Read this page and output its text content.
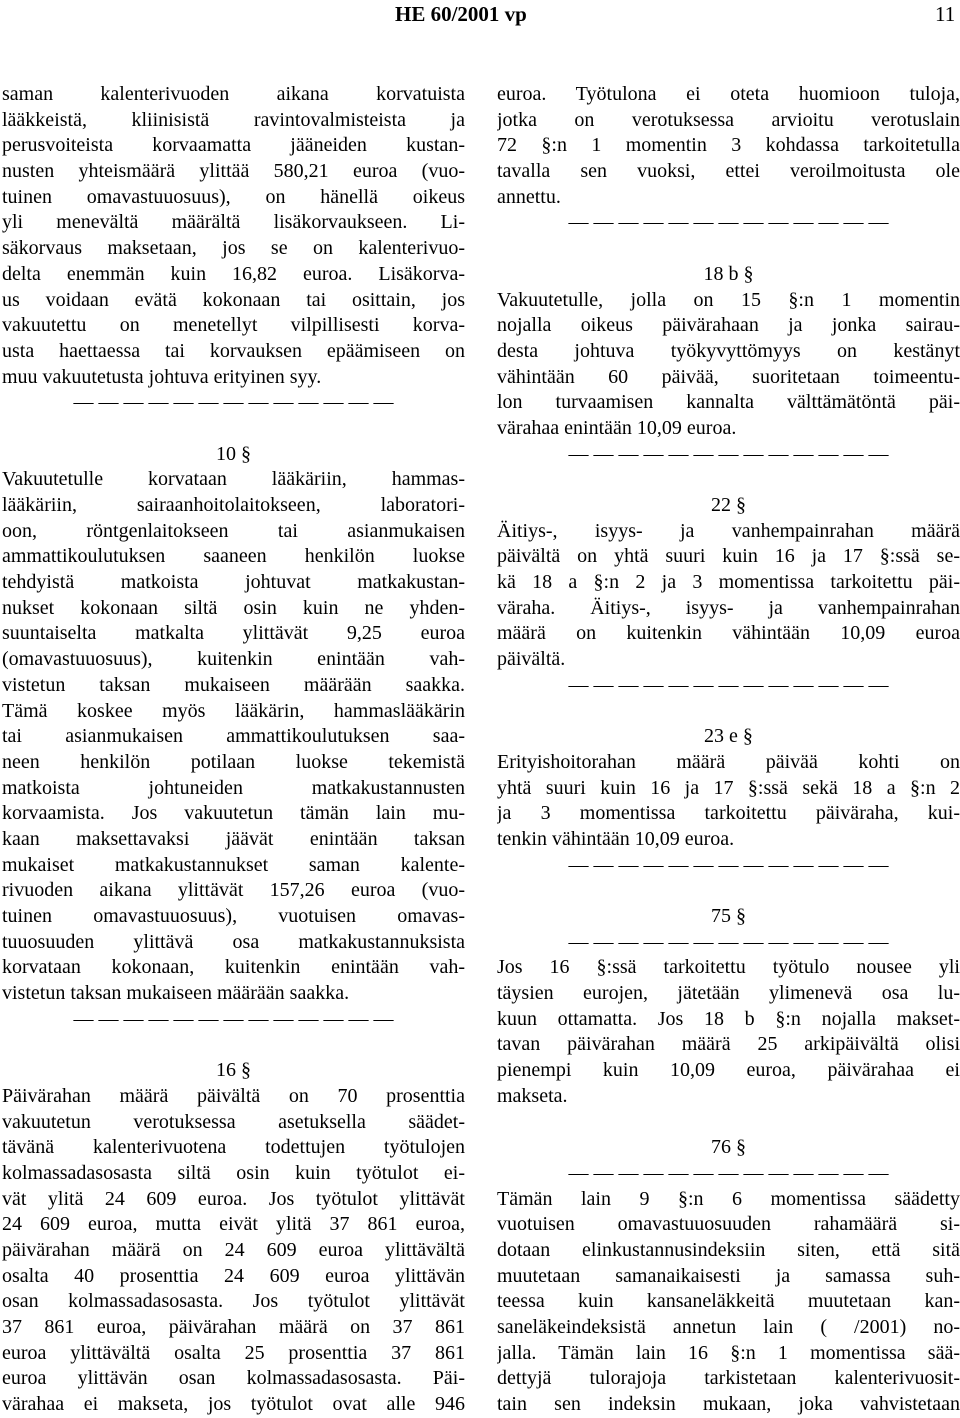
HE 60/2001 vp	11
saman kalenterivuoden aikana korvatuista
lääkkeistä, kliinisistä ravintovalmisteista ja
perusvoiteista korvaamatta jääneiden kustan-
nusten yhteismäärä ylittää 580,21 euroa (vuo-
tuinen omavastuuosuus), on hänellä oikeus
yli menevältä määrältä lisäkorvaukseen. Li-
säkorvaus maksetaan, jos se on kalenterivuo-
delta enemmän kuin 16,82 euroa. Lisäkorva-
us voidaan evätä kokonaan tai osittain, jos
vakuutettu on menetellyt vilpillisesti korva-
usta haettaessa tai korvauksen epäämiseen on
muu vakuutetusta johtuva erityinen syy.
— — — — — — — — — — — — —
10 §
Vakuutetulle korvataan lääkäriin, hammas-
lääkäriin, sairaanhoitolaitokseen, laboratori-
oon, röntgenlaitokseen tai asianmukaisen
ammattikoulutuksen saaneen henkilön luokse
tehdyistä matkoista johtuvat matkakustan-
nukset kokonaan siltä osin kuin ne yhden-
suuntaiselta matkalta ylittävät 9,25 euroa
(omavastuuosuus), kuitenkin enintään vah-
vistetun taksan mukaiseen määrään saakka.
Tämä koskee myös lääkärin, hammaslääkärin
tai asianmukaisen ammattikoulutuksen saa-
neen henkilön potilaan luokse tekemistä
matkoista johtuneiden matkakustannusten
korvaamista. Jos vakuutetun tämän lain mu-
kaan maksettavaksi jäävät enintään taksan
mukaiset matkakustannukset saman kalente-
rivuoden aikana ylittävät 157,26 euroa (vuo-
tuinen omavastuuosuus), vuotuisen omavas-
tuuosuuden ylittävä osa matkakustannuksista
korvataan kokonaan, kuitenkin enintään vah-
vistetun taksan mukaiseen määrään saakka.
— — — — — — — — — — — — —
16 §
Päivärahan määrä päivältä on 70 prosenttia
vakuutetun verotuksessa asetuksella säädet-
tävänä kalenterivuotena todettujen työtulojen
kolmassadasosasta siltä osin kuin työtulot ei-
vät ylitä 24 609 euroa. Jos työtulot ylittävät
24 609 euroa, mutta eivät ylitä 37 861 euroa,
päivärahan määrä on 24 609 euroa ylittävältä
osalta 40 prosenttia 24 609 euroa ylittävän
osan kolmassadasosasta. Jos työtulot ylittävät
37 861 euroa, päivärahan määrä on 37 861
euroa ylittävältä osalta 25 prosenttia 37 861
euroa ylittävän osan kolmassadasosasta. Päi-
värahaa ei makseta, jos työtulot ovat alle 946
euroa. Työtulona ei oteta huomioon tuloja,
jotka on verotuksessa arvioitu verotuslain
72 §:n 1 momentin 3 kohdassa tarkoitetulla
tavalla sen vuoksi, ettei veroilmoitusta ole
annettu.
— — — — — — — — — — — — —
18 b §
Vakuutetulle, jolla on 15 §:n 1 momentin
nojalla oikeus päivärahaan ja jonka sairau-
desta johtuva työkyvyttömyys on kestänyt
vähintään 60 päivää, suoritetaan toimeentu-
lon turvaamisen kannalta välttämätöntä päi-
värahaa enintään 10,09 euroa.
— — — — — — — — — — — — —
22 §
Äitiys-, isyys- ja vanhempainrahan määrä
päivältä on yhtä suuri kuin 16 ja 17 §:ssä se-
kä 18 a §:n 2 ja 3 momentissa tarkoitettu päi-
väraha. Äitiys-, isyys- ja vanhempainrahan
määrä on kuitenkin vähintään 10,09 euroa
päivältä.
— — — — — — — — — — — — —
23 e §
Erityishoitorahan määrä päivää kohti on
yhtä suuri kuin 16 ja 17 §:ssä sekä 18 a §:n 2
ja 3 momentissa tarkoitettu päiväraha, kui-
tenkin vähintään 10,09 euroa.
— — — — — — — — — — — — —
75 §
— — — — — — — — — — — — —
Jos 16 §:ssä tarkoitettu työtulo nousee yli
täysien eurojen, jätetään ylimenevä osa lu-
kuun ottamatta. Jos 18 b §:n nojalla makset-
tavan päivärahan määrä 25 arkipäivältä olisi
pienempi kuin 10,09 euroa, päivärahaa ei
makseta.
76 §
— — — — — — — — — — — — —
Tämän lain 9 §:n 6 momentissa säädetty
vuotuisen omavastuuosuuden rahamäärä si-
dotaan elinkustannusindeksiin siten, että sitä
muutetaan samanaikaisesti ja samassa suh-
teessa kuin kansaneläkkeitä muutetaan kan-
saneläkeindeksistä annetun lain ( /2001) no-
jalla. Tämän lain 16 §:n 1 momentissa sää-
dettyjä tulorajoja tarkistetaan kalenterivuosit-
tain sen indeksin mukaan, joka vahvistetaan
